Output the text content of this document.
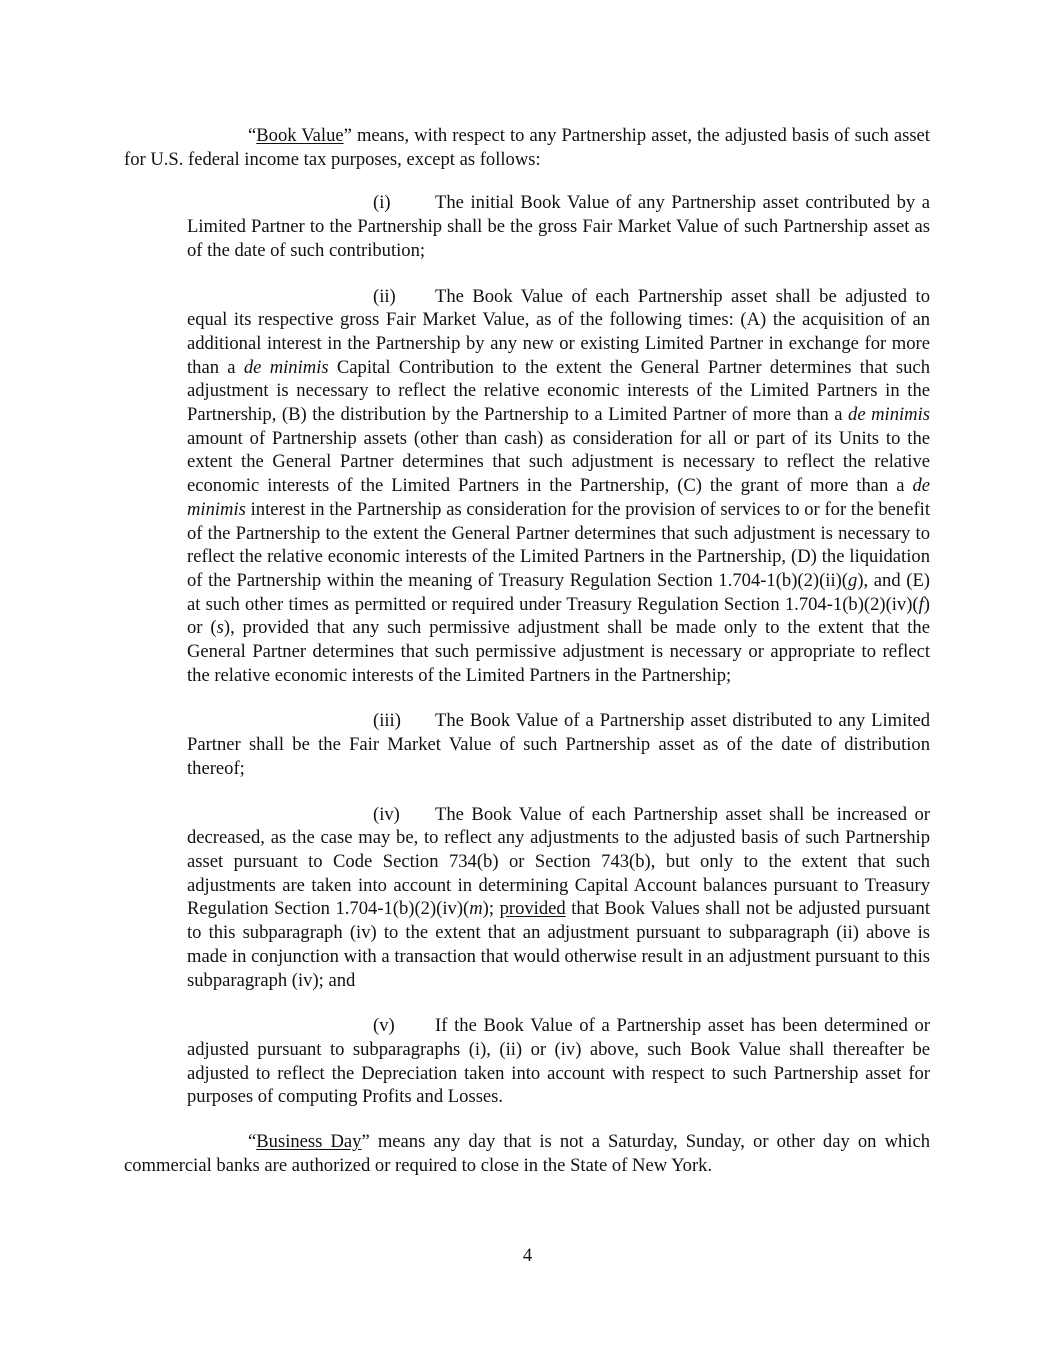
“Book Value” means, with respect to any Partnership asset, the adjusted basis of such asset for U.S. federal income tax purposes, except as follows:

(i) The initial Book Value of any Partnership asset contributed by a Limited Partner to the Partnership shall be the gross Fair Market Value of such Partnership asset as of the date of such contribution;

(ii) The Book Value of each Partnership asset shall be adjusted to equal its respective gross Fair Market Value, as of the following times: (A) the acquisition of an additional interest in the Partnership by any new or existing Limited Partner in exchange for more than a de minimis Capital Contribution to the extent the General Partner determines that such adjustment is necessary to reflect the relative economic interests of the Limited Partners in the Partnership, (B) the distribution by the Partnership to a Limited Partner of more than a de minimis amount of Partnership assets (other than cash) as consideration for all or part of its Units to the extent the General Partner determines that such adjustment is necessary to reflect the relative economic interests of the Limited Partners in the Partnership, (C) the grant of more than a de minimis interest in the Partnership as consideration for the provision of services to or for the benefit of the Partnership to the extent the General Partner determines that such adjustment is necessary to reflect the relative economic interests of the Limited Partners in the Partnership, (D) the liquidation of the Partnership within the meaning of Treasury Regulation Section 1.704-1(b)(2)(ii)(g), and (E) at such other times as permitted or required under Treasury Regulation Section 1.704-1(b)(2)(iv)(f) or (s), provided that any such permissive adjustment shall be made only to the extent that the General Partner determines that such permissive adjustment is necessary or appropriate to reflect the relative economic interests of the Limited Partners in the Partnership;

(iii) The Book Value of a Partnership asset distributed to any Limited Partner shall be the Fair Market Value of such Partnership asset as of the date of distribution thereof;

(iv) The Book Value of each Partnership asset shall be increased or decreased, as the case may be, to reflect any adjustments to the adjusted basis of such Partnership asset pursuant to Code Section 734(b) or Section 743(b), but only to the extent that such adjustments are taken into account in determining Capital Account balances pursuant to Treasury Regulation Section 1.704-1(b)(2)(iv)(m); provided that Book Values shall not be adjusted pursuant to this subparagraph (iv) to the extent that an adjustment pursuant to subparagraph (ii) above is made in conjunction with a transaction that would otherwise result in an adjustment pursuant to this subparagraph (iv); and

(v) If the Book Value of a Partnership asset has been determined or adjusted pursuant to subparagraphs (i), (ii) or (iv) above, such Book Value shall thereafter be adjusted to reflect the Depreciation taken into account with respect to such Partnership asset for purposes of computing Profits and Losses.

“Business Day” means any day that is not a Saturday, Sunday, or other day on which commercial banks are authorized or required to close in the State of New York.

4
